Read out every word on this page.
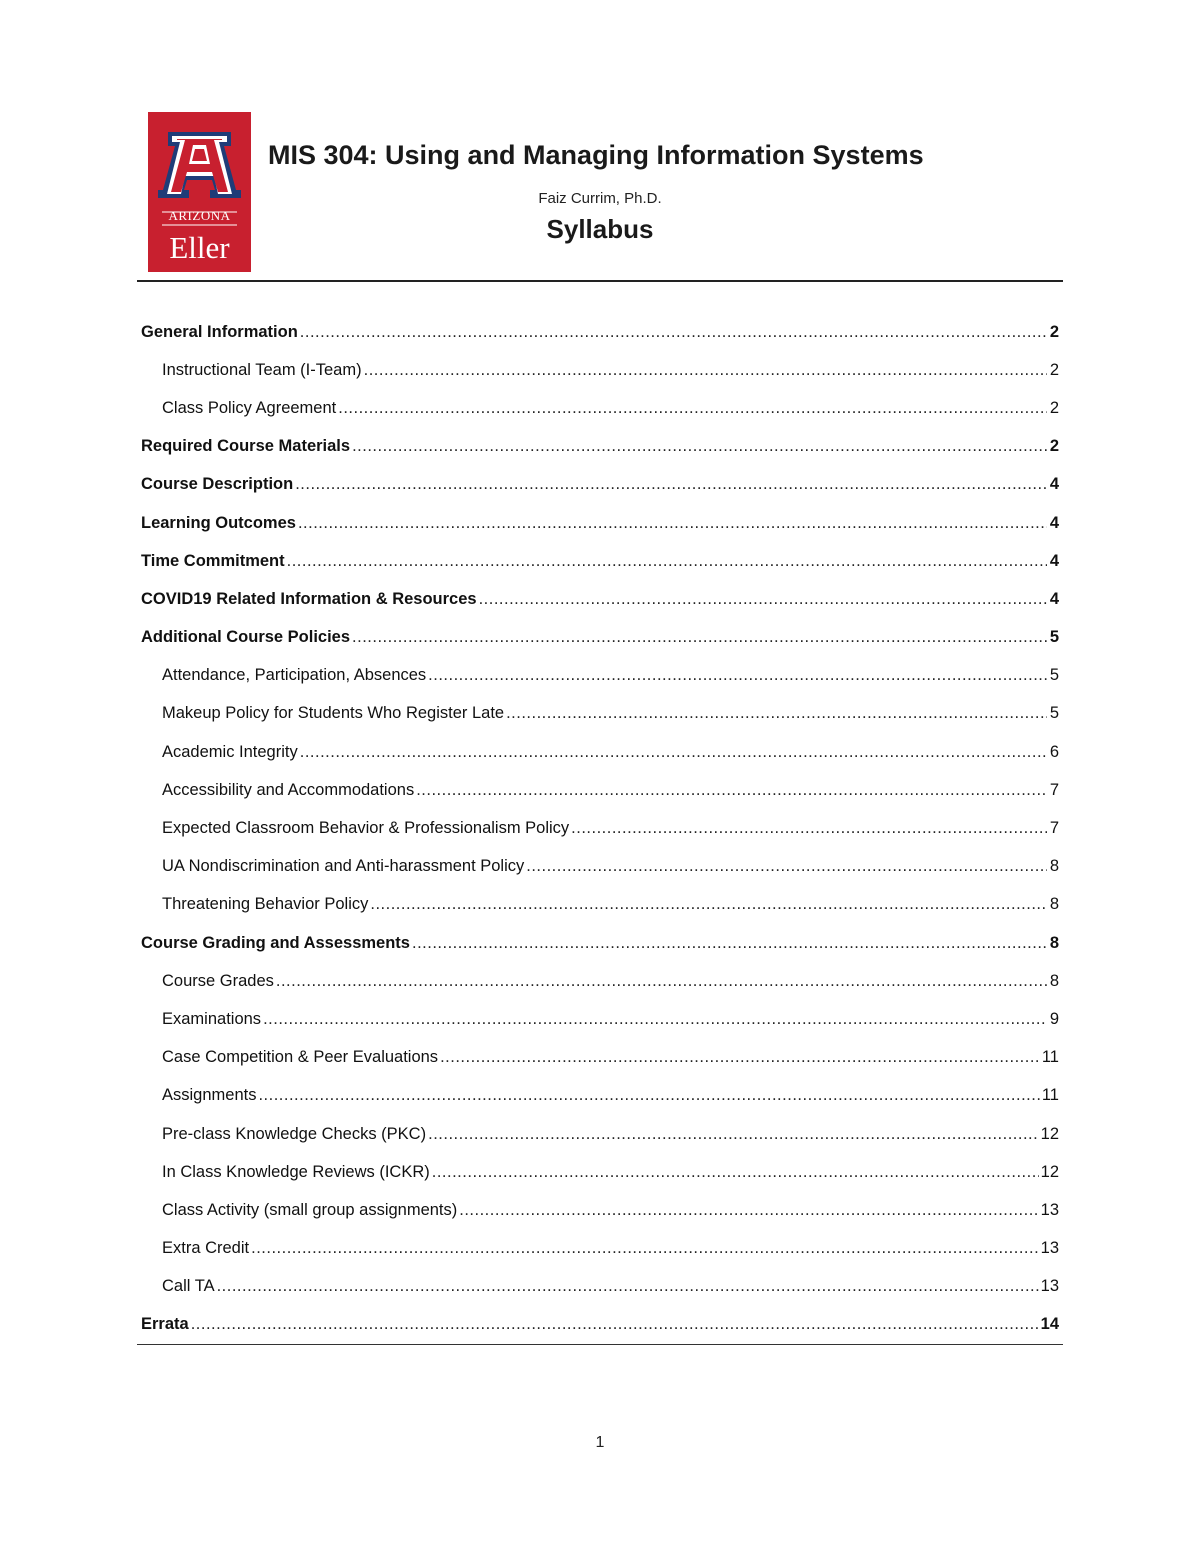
ARIZONA
Eller
MIS 304: Using and Managing Information Systems
Faiz Currim, Ph.D.
Syllabus
General Information .....	2
Instructional Team (I-Team) .....	2
Class Policy Agreement .....	2
Required Course Materials .....	2
Course Description .....	4
Learning Outcomes .....	4
Time Commitment .....	4
COVID19 Related Information & Resources .....	4
Additional Course Policies .....	5
Attendance, Participation, Absences .....	5
Makeup Policy for Students Who Register Late .....	5
Academic Integrity .....	6
Accessibility and Accommodations .....	7
Expected Classroom Behavior & Professionalism Policy .....	7
UA Nondiscrimination and Anti-harassment Policy .....	8
Threatening Behavior Policy .....	8
Course Grading and Assessments .....	8
Course Grades .....	8
Examinations .....	9
Case Competition & Peer Evaluations .....	11
Assignments .....	11
Pre-class Knowledge Checks (PKC) .....	12
In Class Knowledge Reviews (ICKR) .....	12
Class Activity (small group assignments) .....	13
Extra Credit .....	13
Call TA .....	13
Errata .....	14
1
